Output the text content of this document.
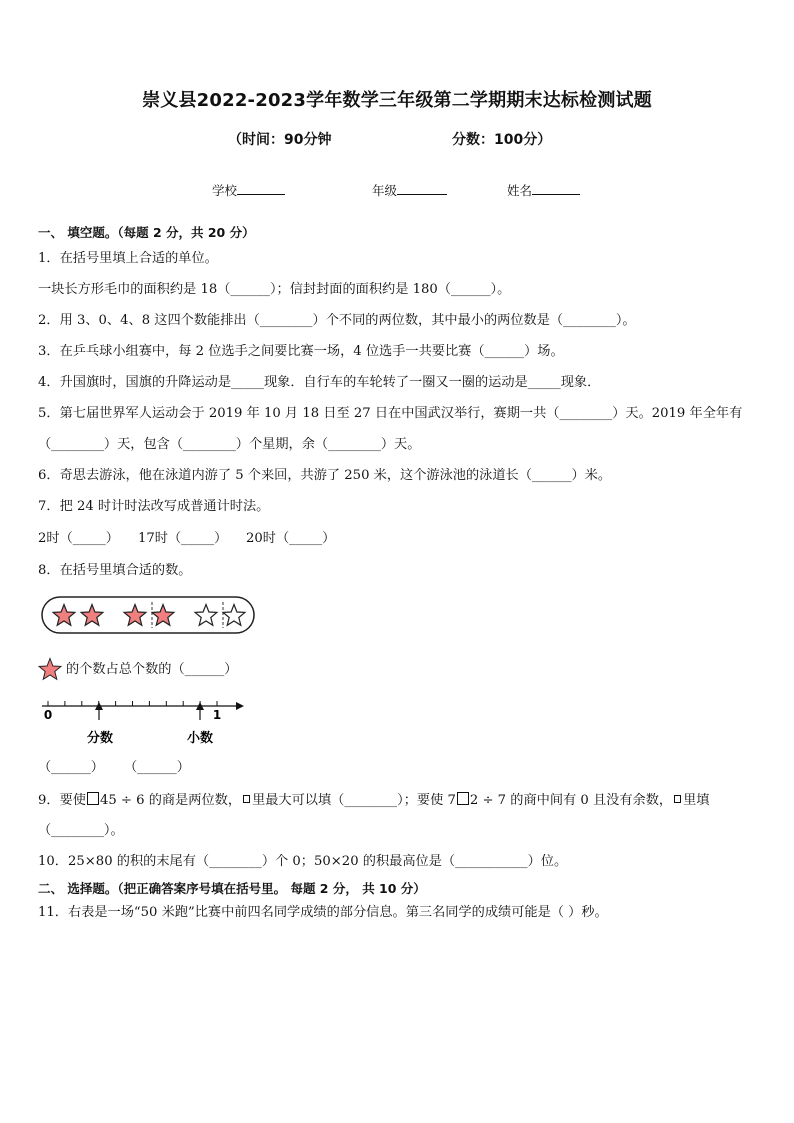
崇义县2022-2023学年数学三年级第二学期期末达标检测试题
（时间：90分钟	分数：100分）
学校	年级	姓名
一、 填空题。（每题 2 分，共 20 分）
1．在括号里填上合适的单位。
一块长方形毛巾的面积约是 18（______）；信封封面的面积约是 180（______）。
2．用 3、0、4、8 这四个数能排出（________）个不同的两位数，其中最小的两位数是（________）。
3．在乒乓球小组赛中，每 2 位选手之间要比赛一场，4 位选手一共要比赛（______）场。
4．升国旗时，国旗的升降运动是_____现象．自行车的车轮转了一圈又一圈的运动是_____现象．
5．第七届世界军人运动会于 2019 年 10 月 18 日至 27 日在中国武汉举行，赛期一共（________）天。2019 年全年有
（________）天，包含（________）个星期，余（________）天。
6．奇思去游泳，他在泳道内游了 5 个来回，共游了 250 米，这个游泳池的泳道长（______）米。
7．把 24 时计时法改写成普通计时法。
2时（_____） 17时（_____） 20时（_____）
8．在括号里填合适的数。
的个数占总个数的（______）
0	1
分数	小数
（______） （______）
9．要使 45 ÷ 6 的商是两位数， 里最大可以填（________）；要使 7 2 ÷ 7 的商中间有 0 且没有余数， 里填
（________）。
10．25×80 的积的末尾有（________）个 0；50×20 的积最高位是（___________）位。
二、 选择题。（把正确答案序号填在括号里。 每题 2 分， 共 10 分）
11．右表是一场“50 米跑”比赛中前四名同学成绩的部分信息。第三名同学的成绩可能是（ ）秒。
